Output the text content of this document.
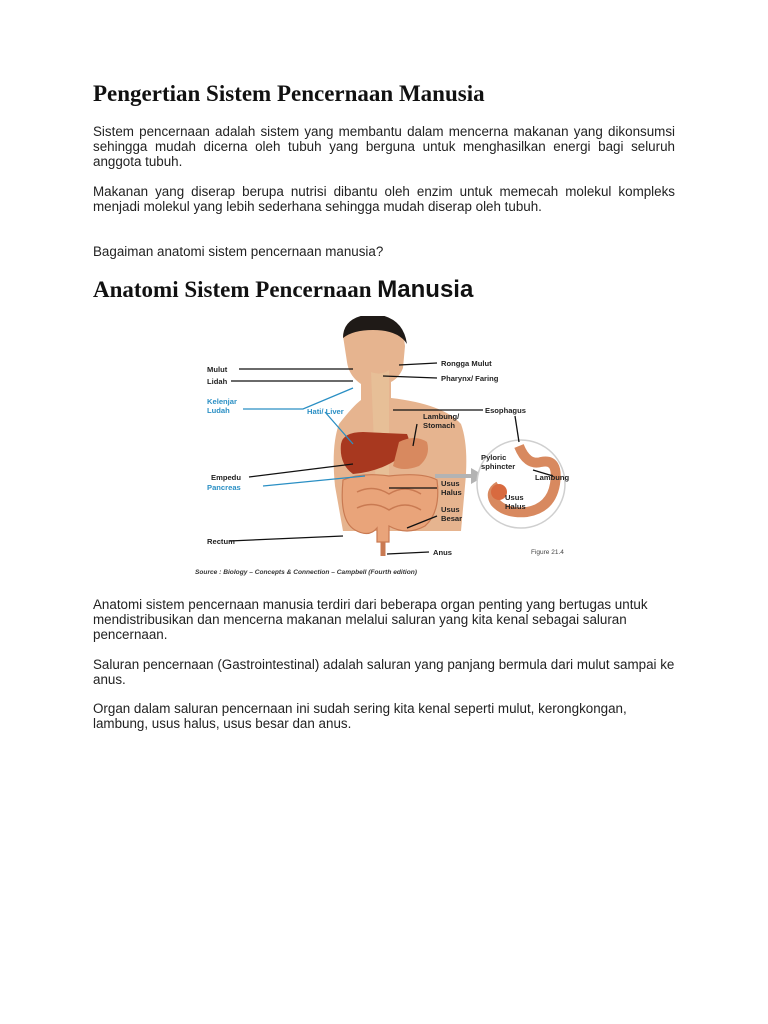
Pengertian Sistem Pencernaan Manusia

Sistem pencernaan adalah sistem yang membantu dalam mencerna makanan yang dikonsumsi sehingga mudah dicerna oleh tubuh yang berguna untuk menghasilkan energi bagi seluruh anggota tubuh.

Makanan yang diserap berupa nutrisi dibantu oleh enzim untuk memecah molekul kompleks menjadi molekul yang lebih sederhana sehingga mudah diserap oleh tubuh.

Bagaiman anatomi sistem pencernaan manusia?

Anatomi Sistem Pencernaan Manusia
Mulut
Lidah
Kelenjar
Ludah	Hati/ Liver
Empedu
Pancreas
Rectum
Rongga Mulut
Pharynx/ Faring
Esophagus
Lambung/
Stomach
Pyloric
sphincter
Lambung
Usus
Halus
Usus
Halus
Usus
Besar
Anus	Figure 21.4
Source : Biology – Concepts & Connection – Campbell (Fourth edition)

Anatomi sistem pencernaan manusia terdiri dari beberapa organ penting yang bertugas untuk mendistribusikan dan mencerna makanan melalui saluran yang kita kenal sebagai saluran pencernaan.

Saluran pencernaan (Gastrointestinal) adalah saluran yang panjang bermula dari mulut sampai ke anus.

Organ dalam saluran pencernaan ini sudah sering kita kenal seperti mulut, kerongkongan, lambung, usus halus, usus besar dan anus.
